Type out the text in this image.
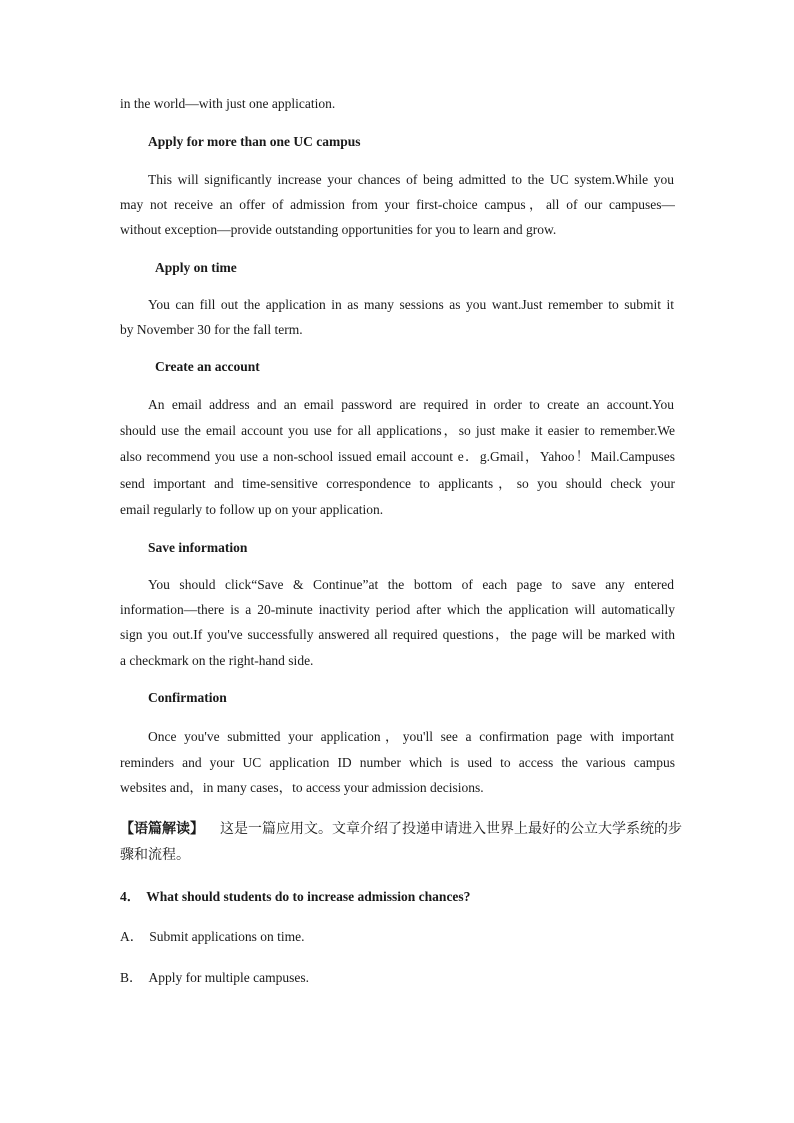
in the world—with just one application.
Apply for more than one UC campus
This will significantly increase your chances of being admitted to the UC system.While you
may not receive an offer of admission from your first-choice campus，all of our campuses—
without exception—provide outstanding opportunities for you to learn and grow.
Apply on time
You can fill out the application in as many sessions as you want.Just remember to submit it
by November 30 for the fall term.
Create an account
An email address and an email password are required in order to create an account.You
should use the email account you use for all applications，so just make it easier to remember.We
also recommend you use a non-school issued email account e．g.Gmail，Yahoo！Mail.Campuses
send important and time-sensitive correspondence to applicants，so you should check your
email regularly to follow up on your application.
Save information
You should click“Save & Continue”at the bottom of each page to save any entered
information—there is a 20-minute inactivity period after which the application will automatically
sign you out.If you've successfully answered all required questions，the page will be marked with
a checkmark on the right-hand side.
Confirmation
Once you've submitted your application，you'll see a confirmation page with important
reminders and your UC application ID number which is used to access the various campus
websites and，in many cases，to access your admission decisions.
【语篇解读】 这是一篇应用文。文章介绍了投递申请进入世界上最好的公立大学系统的步
骤和流程。
4． What should students do to increase admission chances?
A． Submit applications on time.
B． Apply for multiple campuses.
